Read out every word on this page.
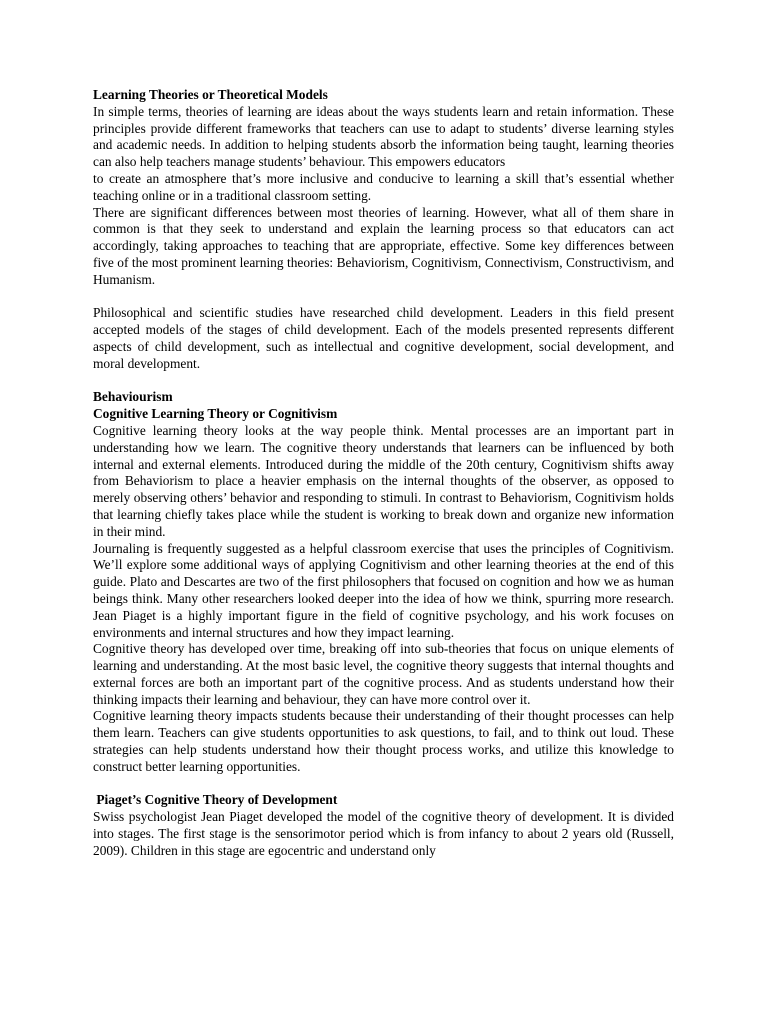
Learning Theories or Theoretical Models

In simple terms, theories of learning are ideas about the ways students learn and retain information. These principles provide different frameworks that teachers can use to adapt to students’ diverse learning styles and academic needs. In addition to helping students absorb the information being taught, learning theories can also help teachers manage students’ behaviour. This empowers educators

to create an atmosphere that’s more inclusive and conducive to learning a skill that’s essential whether teaching online or in a traditional classroom setting.

There are significant differences between most theories of learning. However, what all of them share in common is that they seek to understand and explain the learning process so that educators can act accordingly, taking approaches to teaching that are appropriate, effective. Some key differences between five of the most prominent learning theories: Behaviorism, Cognitivism, Connectivism, Constructivism, and Humanism.

Philosophical and scientific studies have researched child development. Leaders in this field present accepted models of the stages of child development. Each of the models presented represents different aspects of child development, such as intellectual and cognitive development, social development, and moral development.

Behaviourism
Cognitive Learning Theory or Cognitivism

Cognitive learning theory looks at the way people think. Mental processes are an important part in understanding how we learn. The cognitive theory understands that learners can be influenced by both internal and external elements. Introduced during the middle of the 20th century, Cognitivism shifts away from Behaviorism to place a heavier emphasis on the internal thoughts of the observer, as opposed to merely observing others’ behavior and responding to stimuli. In contrast to Behaviorism, Cognitivism holds that learning chiefly takes place while the student is working to break down and organize new information in their mind.

Journaling is frequently suggested as a helpful classroom exercise that uses the principles of Cognitivism. We’ll explore some additional ways of applying Cognitivism and other learning theories at the end of this guide. Plato and Descartes are two of the first philosophers that focused on cognition and how we as human beings think. Many other researchers looked deeper into the idea of how we think, spurring more research. Jean Piaget is a highly important figure in the field of cognitive psychology, and his work focuses on environments and internal structures and how they impact learning.

Cognitive theory has developed over time, breaking off into sub-theories that focus on unique elements of learning and understanding. At the most basic level, the cognitive theory suggests that internal thoughts and external forces are both an important part of the cognitive process. And as students understand how their thinking impacts their learning and behaviour, they can have more control over it.

Cognitive learning theory impacts students because their understanding of their thought processes can help them learn. Teachers can give students opportunities to ask questions, to fail, and to think out loud. These strategies can help students understand how their thought process works, and utilize this knowledge to construct better learning opportunities.

Piaget’s Cognitive Theory of Development

Swiss psychologist Jean Piaget developed the model of the cognitive theory of development. It is divided into stages. The first stage is the sensorimotor period which is from infancy to about 2 years old (Russell, 2009). Children in this stage are egocentric and understand only
